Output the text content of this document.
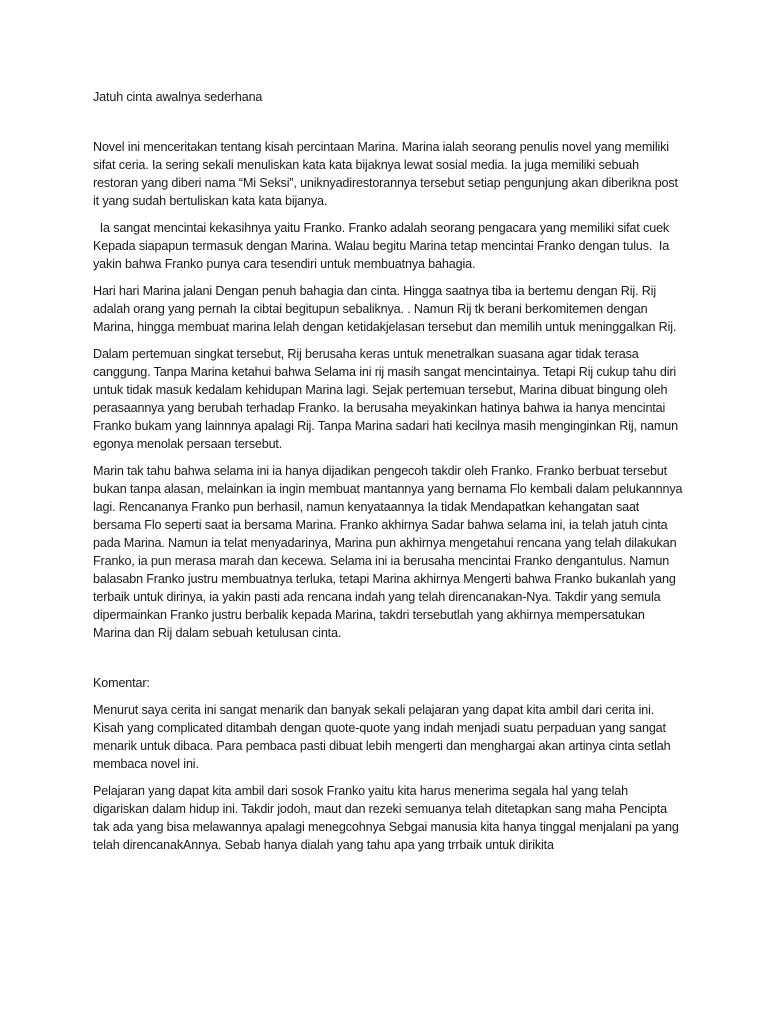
Jatuh cinta awalnya sederhana

Novel ini menceritakan tentang kisah percintaan Marina. Marina ialah seorang penulis novel yang memiliki sifat ceria. Ia sering sekali menuliskan kata kata bijaknya lewat sosial media. Ia juga memiliki sebuah restoran yang diberi nama “Mi Seksi”, uniknyadirestorannya tersebut setiap pengunjung akan diberikna post it yang sudah bertuliskan kata kata bijanya.

Ia sangat mencintai kekasihnya yaitu Franko. Franko adalah seorang pengacara yang memiliki sifat cuek Kepada siapapun termasuk dengan Marina. Walau begitu Marina tetap mencintai Franko dengan tulus.  Ia yakin bahwa Franko punya cara tesendiri untuk membuatnya bahagia.

Hari hari Marina jalani Dengan penuh bahagia dan cinta. Hingga saatnya tiba ia bertemu dengan Rij. Rij adalah orang yang pernah Ia cibtai begitupun sebaliknya. . Namun Rij tk berani berkomitemen dengan Marina, hingga membuat marina lelah dengan ketidakjelasan tersebut dan memilih untuk meninggalkan Rij.

Dalam pertemuan singkat tersebut, Rij berusaha keras untuk menetralkan suasana agar tidak terasa canggung. Tanpa Marina ketahui bahwa Selama ini rij masih sangat mencintainya. Tetapi Rij cukup tahu diri untuk tidak masuk kedalam kehidupan Marina lagi. Sejak pertemuan tersebut, Marina dibuat bingung oleh perasaannya yang berubah terhadap Franko. Ia berusaha meyakinkan hatinya bahwa ia hanya mencintai Franko bukam yang lainnnya apalagi Rij. Tanpa Marina sadari hati kecilnya masih menginginkan Rij, namun egonya menolak persaan tersebut.

Marin tak tahu bahwa selama ini ia hanya dijadikan pengecoh takdir oleh Franko. Franko berbuat tersebut bukan tanpa alasan, melainkan ia ingin membuat mantannya yang bernama Flo kembali dalam pelukannnya lagi. Rencananya Franko pun berhasil, namun kenyataannya Ia tidak Mendapatkan kehangatan saat bersama Flo seperti saat ia bersama Marina. Franko akhirnya Sadar bahwa selama ini, ia telah jatuh cinta pada Marina. Namun ia telat menyadarinya, Marina pun akhirnya mengetahui rencana yang telah dilakukan Franko, ia pun merasa marah dan kecewa. Selama ini ia berusaha mencintai Franko dengantulus. Namun balasabn Franko justru membuatnya terluka, tetapi Marina akhirnya Mengerti bahwa Franko bukanlah yang terbaik untuk dirinya, ia yakin pasti ada rencana indah yang telah direncanakan-Nya. Takdir yang semula dipermainkan Franko justru berbalik kepada Marina, takdri tersebutlah yang akhirnya mempersatukan Marina dan Rij dalam sebuah ketulusan cinta.

Komentar:

Menurut saya cerita ini sangat menarik dan banyak sekali pelajaran yang dapat kita ambil dari cerita ini. Kisah yang complicated ditambah dengan quote-quote yang indah menjadi suatu perpaduan yang sangat menarik untuk dibaca. Para pembaca pasti dibuat lebih mengerti dan menghargai akan artinya cinta setlah membaca novel ini.

Pelajaran yang dapat kita ambil dari sosok Franko yaitu kita harus menerima segala hal yang telah digariskan dalam hidup ini. Takdir jodoh, maut dan rezeki semuanya telah ditetapkan sang maha Pencipta tak ada yang bisa melawannya apalagi menegcohnya Sebgai manusia kita hanya tinggal menjalani pa yang telah direncanakAnnya. Sebab hanya dialah yang tahu apa yang trrbaik untuk dirikita
